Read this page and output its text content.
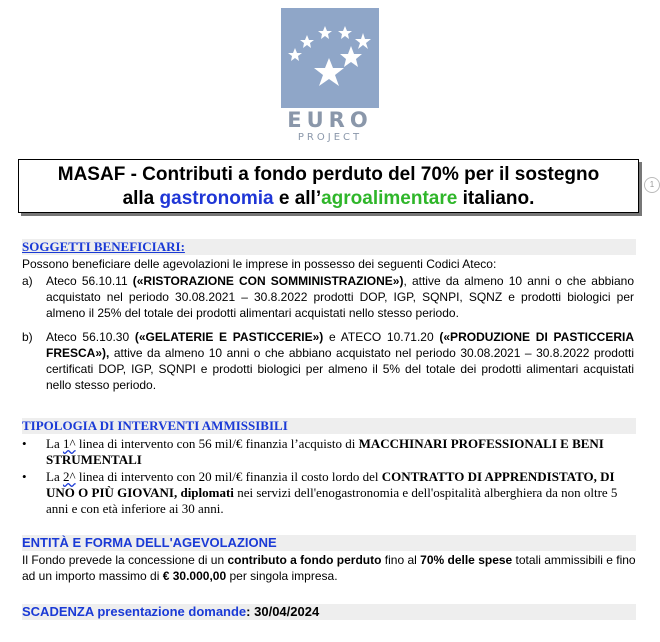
EURO
PROJECT
MASAF - Contributi a fondo perduto del 70% per il sostegno
alla gastronomia e all’agroalimentare italiano.
1
SOGGETTI BENEFICIARI:
Possono beneficiare delle agevolazioni le imprese in possesso dei seguenti Codici Ateco:
a) Ateco 56.10.11 («RISTORAZIONE CON SOMMINISTRAZIONE»), attive da almeno 10 anni o che abbiano acquistato nel periodo 30.08.2021 – 30.8.2022 prodotti DOP, IGP, SQNPI, SQNZ e prodotti biologici per almeno il 25% del totale dei prodotti alimentari acquistati nello stesso periodo.
b) Ateco 56.10.30 («GELATERIE E PASTICCERIE») e ATECO 10.71.20 («PRODUZIONE DI PASTICCERIA FRESCA»), attive da almeno 10 anni o che abbiano acquistato nel periodo 30.08.2021 – 30.8.2022 prodotti certificati DOP, IGP, SQNPI e prodotti biologici per almeno il 5% del totale dei prodotti alimentari acquistati nello stesso periodo.
TIPOLOGIA DI INTERVENTI AMMISSIBILI
• La 1^ linea di intervento con 56 mil/€ finanzia l’acquisto di MACCHINARI PROFESSIONALI E BENI STRUMENTALI
• La 2^ linea di intervento con 20 mil/€ finanzia il costo lordo del CONTRATTO DI APPRENDISTATO, DI UNO O PIÙ GIOVANI, diplomati nei servizi dell'enogastronomia e dell'ospitalità alberghiera da non oltre 5 anni e con età inferiore ai 30 anni.
ENTITÀ E FORMA DELL'AGEVOLAZIONE
Il Fondo prevede la concessione di un contributo a fondo perduto fino al 70% delle spese totali ammissibili e fino ad un importo massimo di € 30.000,00 per singola impresa.
SCADENZA presentazione domande: 30/04/2024
